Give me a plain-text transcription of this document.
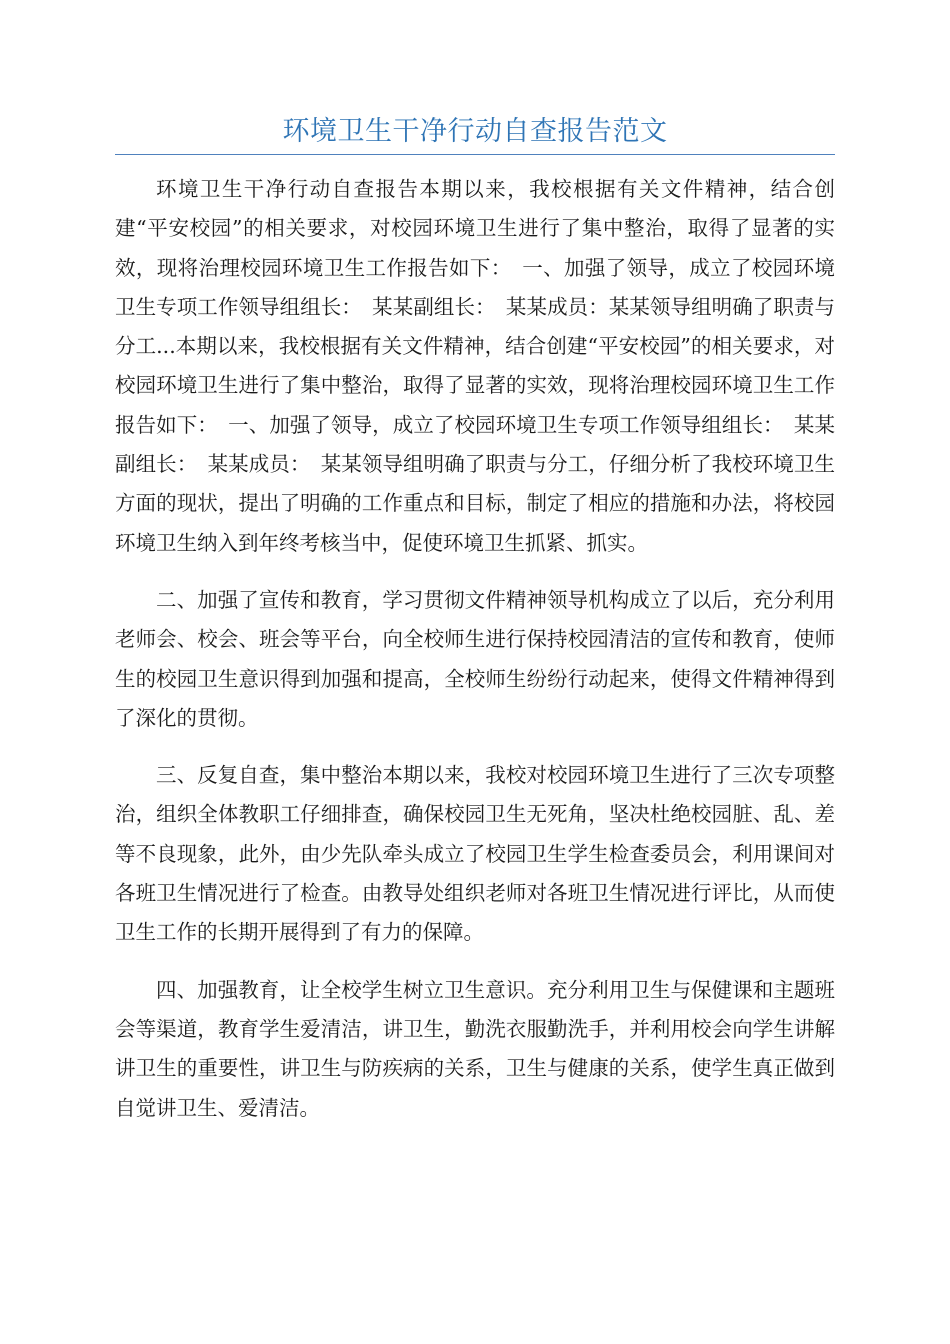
环境卫生干净行动自查报告范文

环境卫生干净行动自查报告本期以来，我校根据有关文件精神，结合创建“平安校园”的相关要求，对校园环境卫生进行了集中整治，取得了显著的实效，现将治理校园环境卫生工作报告如下：　一、加强了领导，成立了校园环境卫生专项工作领导组组长：　某某副组长：　某某成员：某某领导组明确了职责与分工...本期以来，我校根据有关文件精神，结合创建“平安校园”的相关要求，对校园环境卫生进行了集中整治，取得了显著的实效，现将治理校园环境卫生工作报告如下：　一、加强了领导，成立了校园环境卫生专项工作领导组组长：　某某副组长：　某某成员：　某某领导组明确了职责与分工，仔细分析了我校环境卫生方面的现状，提出了明确的工作重点和目标，制定了相应的措施和办法，将校园环境卫生纳入到年终考核当中，促使环境卫生抓紧、抓实。

二、加强了宣传和教育，学习贯彻文件精神领导机构成立了以后，充分利用老师会、校会、班会等平台，向全校师生进行保持校园清洁的宣传和教育，使师生的校园卫生意识得到加强和提高，全校师生纷纷行动起来，使得文件精神得到了深化的贯彻。

三、反复自查，集中整治本期以来，我校对校园环境卫生进行了三次专项整治，组织全体教职工仔细排查，确保校园卫生无死角，坚决杜绝校园脏、乱、差等不良现象，此外，由少先队牵头成立了校园卫生学生检查委员会，利用课间对各班卫生情况进行了检查。由教导处组织老师对各班卫生情况进行评比，从而使卫生工作的长期开展得到了有力的保障。

四、加强教育，让全校学生树立卫生意识。充分利用卫生与保健课和主题班会等渠道，教育学生爱清洁，讲卫生，勤洗衣服勤洗手，并利用校会向学生讲解讲卫生的重要性，讲卫生与防疾病的关系，卫生与健康的关系，使学生真正做到自觉讲卫生、爱清洁。
